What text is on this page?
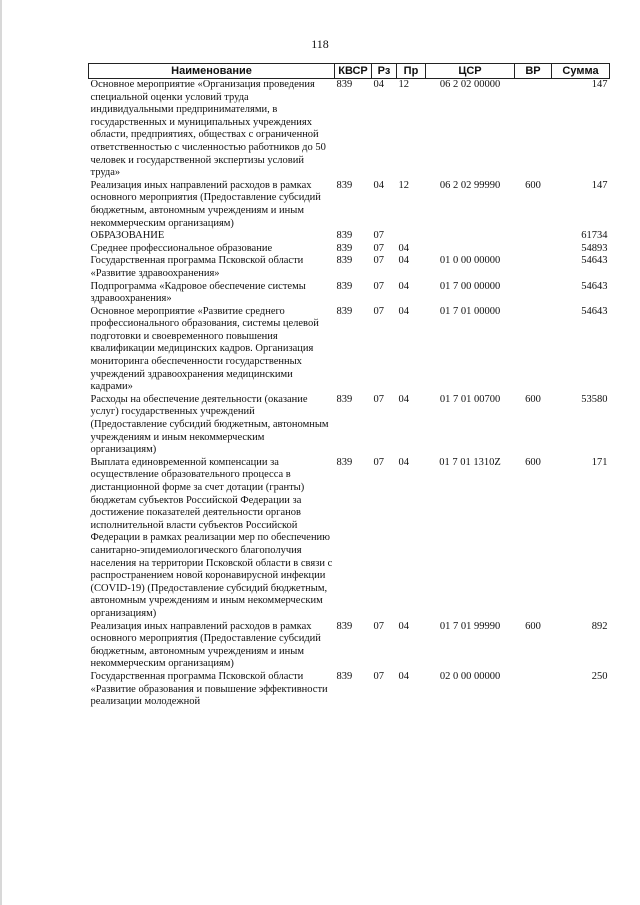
118
Наименование	КВСР	Рз	Пр	ЦСР	ВР	Сумма
Основное мероприятие «Организация проведения специальной оценки условий труда индивидуальными предпринимателями, в государственных и муниципальных учреждениях области, предприятиях, обществах с ограниченной ответственностью с численностью работников до 50 человек и государственной экспертизы условий труда»	839	04	12	06 2 02 00000		147
Реализация иных направлений расходов в рамках основного мероприятия (Предоставление субсидий бюджетным, автономным учреждениям и иным некоммерческим организациям)	839	04	12	06 2 02 99990	600	147
ОБРАЗОВАНИЕ	839	07				61734
Среднее профессиональное образование	839	07	04			54893
Государственная программа Псковской области «Развитие здравоохранения»	839	07	04	01 0 00 00000		54643
Подпрограмма «Кадровое обеспечение системы здравоохранения»	839	07	04	01 7 00 00000		54643
Основное мероприятие «Развитие среднего профессионального образования, системы целевой подготовки и своевременного повышения квалификации медицинских кадров. Организация мониторинга обеспеченности государственных учреждений здравоохранения медицинскими кадрами»	839	07	04	01 7 01 00000		54643
Расходы на обеспечение деятельности (оказание услуг) государственных учреждений (Предоставление субсидий бюджетным, автономным учреждениям и иным некоммерческим организациям)	839	07	04	01 7 01 00700	600	53580
Выплата единовременной компенсации за осуществление образовательного процесса в дистанционной форме за счет дотации (гранты) бюджетам субъектов Российской Федерации за достижение показателей деятельности органов исполнительной власти субъектов Российской Федерации в рамках реализации мер по обеспечению санитарно-эпидемиологического благополучия населения на территории Псковской области в связи с распространением новой коронавирусной инфекции (COVID-19) (Предоставление субсидий бюджетным, автономным учреждениям и иным некоммерческим организациям)	839	07	04	01 7 01 1310Z	600	171
Реализация иных направлений расходов в рамках основного мероприятия (Предоставление субсидий бюджетным, автономным учреждениям и иным некоммерческим организациям)	839	07	04	01 7 01 99990	600	892
Государственная программа Псковской области «Развитие образования и повышение эффективности реализации молодежной	839	07	04	02 0 00 00000		250
